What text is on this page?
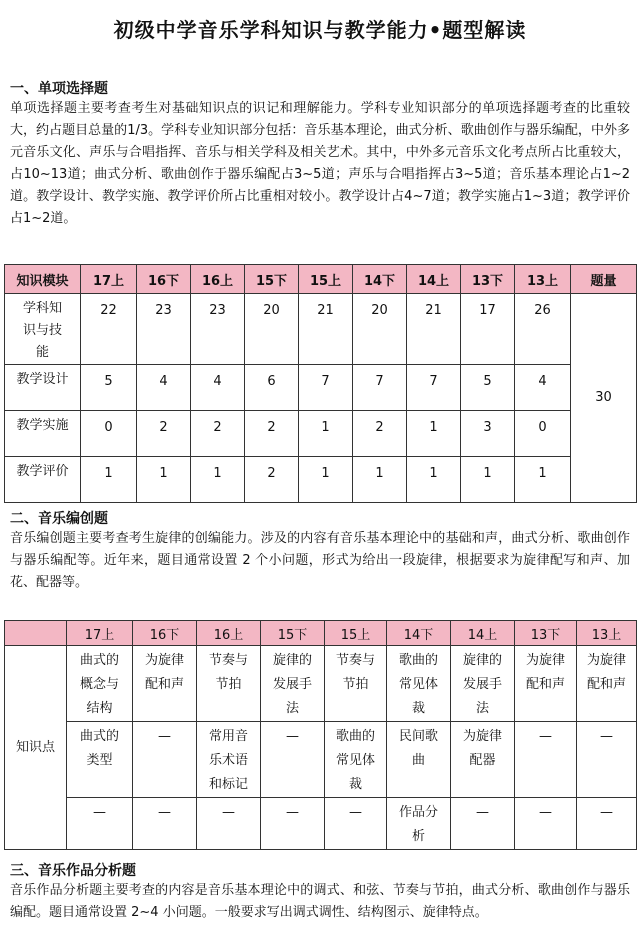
初级中学音乐学科知识与教学能力•题型解读
一、单项选择题
单项选择题主要考查考生对基础知识点的识记和理解能力。学科专业知识部分的单项选择题考查的比重较大，约占题目总量的1/3。学科专业知识部分包括：音乐基本理论，曲式分析、歌曲创作与器乐编配，中外多元音乐文化、声乐与合唱指挥、音乐与相关学科及相关艺术。其中，中外多元音乐文化考点所占比重较大，占10~13道；曲式分析、歌曲创作于器乐编配占3~5道；声乐与合唱指挥占3~5道；音乐基本理论占1~2道。教学设计、教学实施、教学评价所占比重相对较小。教学设计占4~7道；教学实施占1~3道；教学评价占1~2道。
知识模块	17上	16下	16上	15下	15上	14下	14上	13下	13上	题量

学科知识与技能	22	23	23	20	21	20	21	17	26	30
教学设计	5	4	4	6	7	7	7	5	4	
教学实施	0	2	2	2	1	2	1	3	0	
教学评价	1	1	1	2	1	1	1	1	1	
二、音乐编创题
音乐编创题主要考查考生旋律的创编能力。涉及的内容有音乐基本理论中的基础和声，曲式分析、歌曲创作与器乐编配等。近年来，题目通常设置 2 个小问题，形式为给出一段旋律，根据要求为旋律配写和声、加花、配器等。
	17上	16下	16上	15下	15上	14下	14上	13下	13上
知识点	曲式的概念与结构	为旋律配和声	节奏与节拍	旋律的发展手法	节奏与节拍	歌曲的常见体裁	旋律的发展手法	为旋律配和声	为旋律配和声

	曲式的类型	—	常用音乐术语和标记	—	歌曲的常见体裁	民间歌曲	为旋律配器	—	—

	—	—	—	—	—	作品分析	—	—	—
三、音乐作品分析题
音乐作品分析题主要考查的内容是音乐基本理论中的调式、和弦、节奏与节拍，曲式分析、歌曲创作与器乐编配。题目通常设置 2~4 小问题。一般要求写出调式调性、结构图示、旋律特点。
